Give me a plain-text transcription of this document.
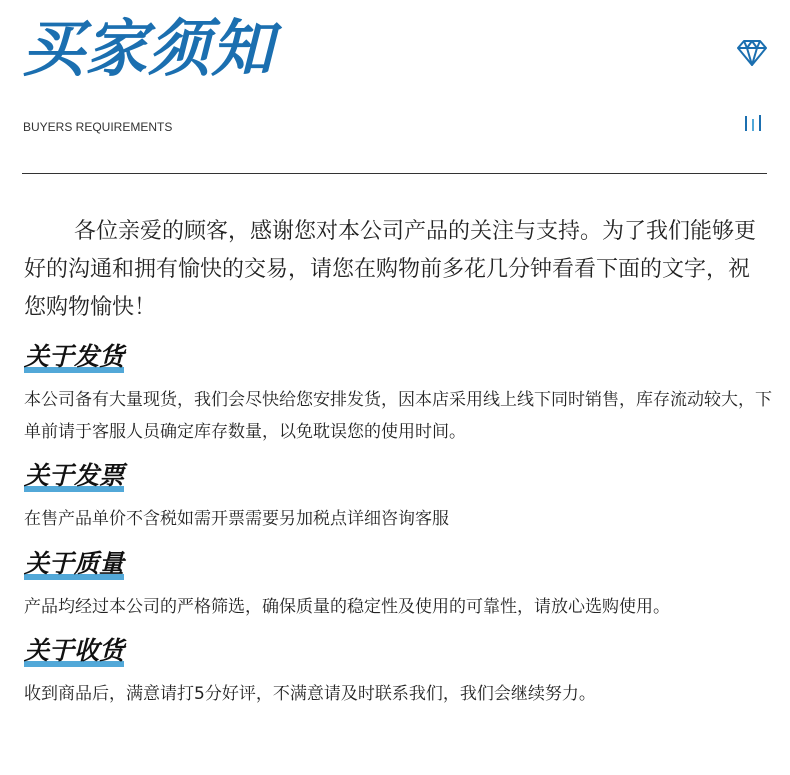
买家须知
BUYERS REQUIREMENTS

各位亲爱的顾客，感谢您对本公司产品的关注与支持。为了我们能够更好的沟通和拥有愉快的交易，请您在购物前多花几分钟看看下面的文字，祝您购物愉快！

关于发货

本公司备有大量现货，我们会尽快给您安排发货，因本店采用线上线下同时销售，库存流动较大，下单前请于客服人员确定库存数量，以免耽误您的使用时间。

关于发票

在售产品单价不含税如需开票需要另加税点详细咨询客服

关于质量

产品均经过本公司的严格筛选，确保质量的稳定性及使用的可靠性，请放心选购使用。

关于收货

收到商品后，满意请打5分好评，不满意请及时联系我们，我们会继续努力。
